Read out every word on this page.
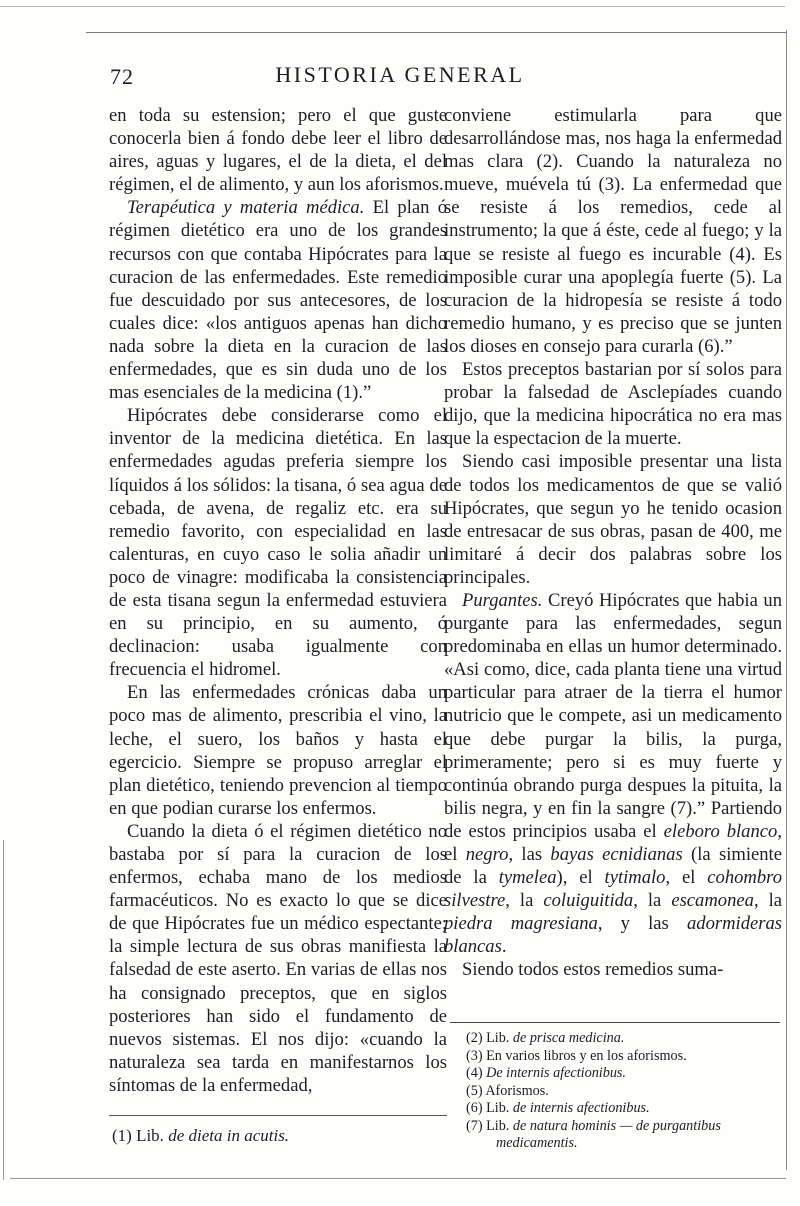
72	HISTORIA GENERAL

en toda su estension; pero el que guste conocerla bien á fondo debe leer el libro de aires, aguas y lugares, el de la dieta, el del régimen, el de alimento, y aun los aforismos.

Terapéutica y materia médica. El plan ó régimen dietético era uno de los grandes recursos con que contaba Hipócrates para la curacion de las enfermedades. Este remedio fue descuidado por sus antecesores, de los cuales dice: «los antiguos apenas han dicho nada sobre la dieta en la curacion de las enfermedades, que es sin duda uno de los mas esenciales de la medicina (1).”

Hipócrates debe considerarse como el inventor de la medicina dietética. En las enfermedades agudas preferia siempre los líquidos á los sólidos: la tisana, ó sea agua de cebada, de avena, de regaliz etc. era su remedio favorito, con especialidad en las calenturas, en cuyo caso le solia añadir un poco de vinagre: modificaba la consistencia de esta tisana segun la enfermedad estuviera en su principio, en su aumento, ó declinacion: usaba igualmente con frecuencia el hidromel.

En las enfermedades crónicas daba un poco mas de alimento, prescribia el vino, la leche, el suero, los baños y hasta el egercicio. Siempre se propuso arreglar el plan dietético, teniendo prevencion al tiempo en que podian curarse los enfermos.

Cuando la dieta ó el régimen dietético no bastaba por sí para la curacion de los enfermos, echaba mano de los medios farmacéuticos. No es exacto lo que se dice de que Hipócrates fue un médico espectante; la simple lectura de sus obras manifiesta la falsedad de este aserto. En varias de ellas nos ha consignado preceptos, que en siglos posteriores han sido el fundamento de nuevos sistemas. El nos dijo: «cuando la naturaleza sea tarda en manifestarnos los síntomas de la enfermedad,

conviene estimularla para que desarrollándose mas, nos haga la enfermedad mas clara (2). Cuando la naturaleza no mueve, muévela tú (3). La enfermedad que se resiste á los remedios, cede al instrumento; la que á éste, cede al fuego; y la que se resiste al fuego es incurable (4). Es imposible curar una apoplegía fuerte (5). La curacion de la hidropesía se resiste á todo remedio humano, y es preciso que se junten los dioses en consejo para curarla (6).”

Estos preceptos bastarian por sí solos para probar la falsedad de Asclepíades cuando dijo, que la medicina hipocrática no era mas que la espectacion de la muerte.

Siendo casi imposible presentar una lista de todos los medicamentos de que se valió Hipócrates, que segun yo he tenido ocasion de entresacar de sus obras, pasan de 400, me limitaré á decir dos palabras sobre los principales.

Purgantes. Creyó Hipócrates que habia un purgante para las enfermedades, segun predominaba en ellas un humor determinado. «Asi como, dice, cada planta tiene una virtud particular para atraer de la tierra el humor nutricio que le compete, asi un medicamento que debe purgar la bilis, la purga, primeramente; pero si es muy fuerte y continúa obrando purga despues la pituita, la bilis negra, y en fin la sangre (7).” Partiendo de estos principios usaba el eleboro blanco, el negro, las bayas ecnidianas (la simiente de la tymelea), el tytimalo, el cohombro silvestre, la coluiguitida, la escamonea, la piedra magresiana, y las adormideras blancas.

Siendo todos estos remedios suma-

(1) Lib. de dieta in acutis.
(2) Lib. de prisca medicina.
(3) En varios libros y en los aforismos.
(4) De internis afectionibus.
(5) Aforismos.
(6) Lib. de internis afectionibus.
(7) Lib. de natura hominis — de purgantibus medicamentis.
